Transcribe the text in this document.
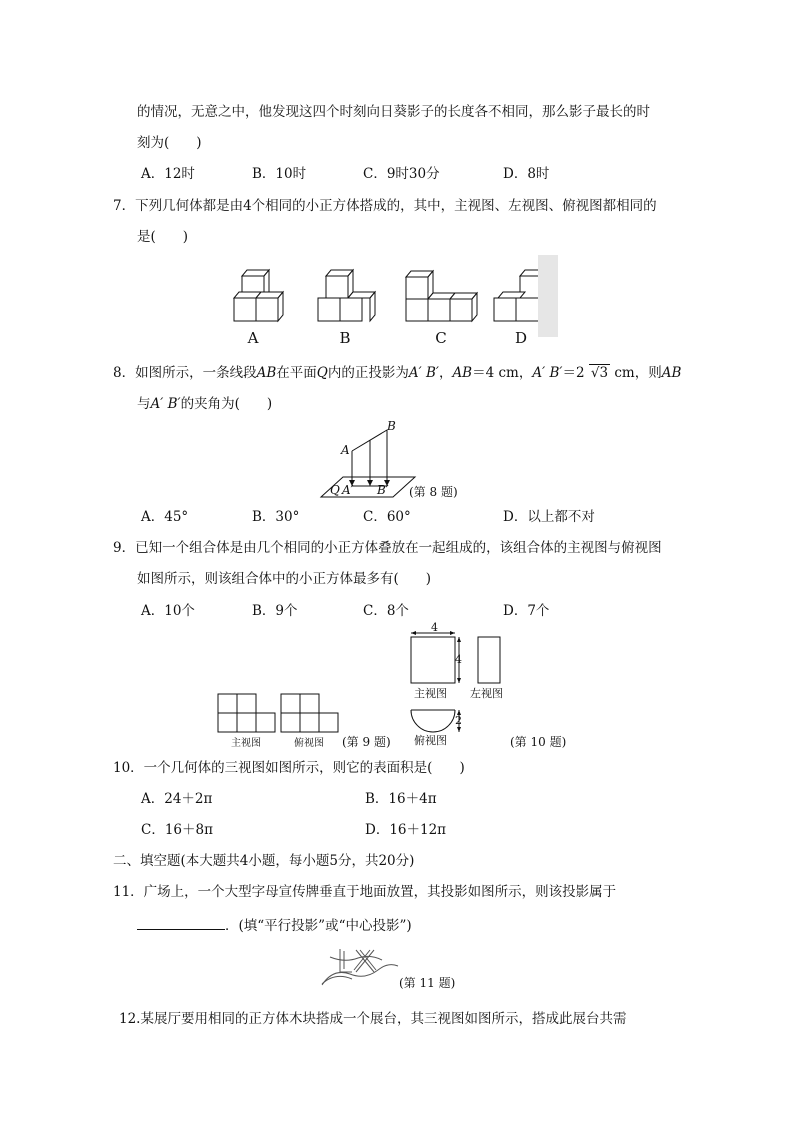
的情况，无意之中，他发现这四个时刻向日葵影子的长度各不相同，那么影子最长的时
刻为(　　)
A．12时	B．10时	C．9时30分	D．8时
7．下列几何体都是由4个相同的小正方体搭成的，其中，主视图、左视图、俯视图都相同的
是(　　)
A	B	C	D
8．如图所示，一条线段AB在平面Q内的正投影为A′ B′，AB＝4 cm，A′ B′＝2 √3 cm，则AB
与A′ B′的夹角为(　　)
A
B
Q A′ B′ (第 8 题)
A．45°	B．30°	C．60°	D．以上都不对
9．已知一个组合体是由几个相同的小正方体叠放在一起组成的，该组合体的主视图与俯视图
如图所示，则该组合体中的小正方体最多有(　　)
A．10个	B．9个	C．8个	D．7个
4
4
2
主视图 左视图
俯视图	(第 10 题)
主视图	俯视图 (第 9 题)
10．一个几何体的三视图如图所示，则它的表面积是(　　)
A．24＋2π	B．16＋4π
C．16＋8π	D．16＋12π
二、填空题(本大题共4小题，每小题5分，共20分)
11．广场上，一个大型字母宣传牌垂直于地面放置，其投影如图所示，则该投影属于
．(填“平行投影”或“中心投影”)
(第 11 题)
12.某展厅要用相同的正方体木块搭成一个展台，其三视图如图所示，搭成此展台共需
